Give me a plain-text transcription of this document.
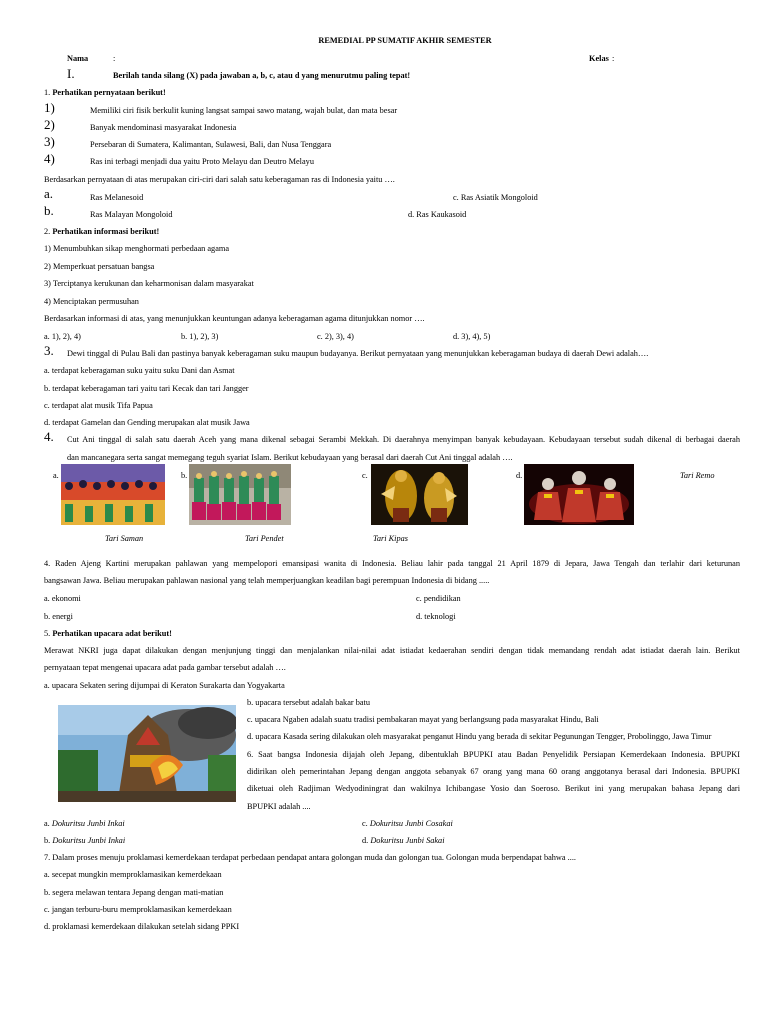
REMEDIAL PP SUMATIF AKHIR SEMESTER
Nama	:	Kelas :
I.	Berilah tanda silang (X) pada jawaban a, b, c, atau d yang menurutmu paling tepat!
1. Perhatikan pernyataan berikut!
1)	Memiliki ciri fisik berkulit kuning langsat sampai sawo matang, wajah bulat, dan mata besar
2)	Banyak mendominasi masyarakat Indonesia
3)	Persebaran di Sumatera, Kalimantan, Sulawesi, Bali, dan Nusa Tenggara
4)	Ras ini terbagi menjadi dua yaitu Proto Melayu dan Deutro Melayu
Berdasarkan pernyataan di atas merupakan ciri-ciri dari salah satu keberagaman ras di Indonesia yaitu ….
a.	Ras Melanesoid	c. Ras Asiatik Mongoloid
b.	Ras Malayan Mongoloid	d. Ras Kaukasoid
2. Perhatikan informasi berikut!
1) Menumbuhkan sikap menghormati perbedaan agama
2) Memperkuat persatuan bangsa
3) Terciptanya kerukunan dan keharmonisan dalam masyarakat
4) Menciptakan permusuhan
Berdasarkan informasi di atas, yang menunjukkan keuntungan adanya keberagaman agama ditunjukkan nomor ….
a. 1), 2), 4)	b. 1), 2), 3)	c. 2), 3), 4)	d. 3), 4), 5)
3. Dewi tinggal di Pulau Bali dan pastinya banyak keberagaman suku maupun budayanya. Berikut pernyataan yang menunjukkan keberagaman budaya di daerah Dewi adalah….
a. terdapat keberagaman suku yaitu suku Dani dan Asmat
b. terdapat keberagaman tari yaitu tari Kecak dan tari Jangger
c. terdapat alat musik Tifa Papua
d. terdapat Gamelan dan Gending merupakan alat musik Jawa
4. Cut Ani tinggal di salah satu daerah Aceh yang mana dikenal sebagai Serambi Mekkah. Di daerahnya menyimpan banyak kebudayaan. Kebudayaan tersebut sudah dikenal di berbagai daerah
dan mancanegara serta sangat memegang teguh syariat Islam. Berikut kebudayaan yang berasal dari daerah Cut Ani tinggal adalah ….
a.	b.	c.	d.	Tari Remo
Tari Saman	Tari Pendet	Tari Kipas
4. Raden Ajeng Kartini merupakan pahlawan yang mempelopori emansipasi wanita di Indonesia. Beliau lahir pada tanggal 21 April 1879 di Jepara, Jawa Tengah dan terlahir dari keturunan
bangsawan Jawa. Beliau merupakan pahlawan nasional yang telah memperjuangkan keadilan bagi perempuan Indonesia di bidang .....
a. ekonomi	c. pendidikan
b. energi	d. teknologi
5. Perhatikan upacara adat berikut!
Merawat NKRI juga dapat dilakukan dengan menjunjung tinggi dan menjalankan nilai-nilai adat istiadat kedaerahan sendiri dengan tidak memandang rendah adat istiadat daerah lain. Berikut
pernyataan tepat mengenai upacara adat pada gambar tersebut adalah ….
a. upacara Sekaten sering dijumpai di Keraton Surakarta dan Yogyakarta
b. upacara tersebut adalah bakar batu
c. upacara Ngaben adalah suatu tradisi pembakaran mayat yang berlangsung pada masyarakat Hindu, Bali
d. upacara Kasada sering dilakukan oleh masyarakat penganut Hindu yang berada di sekitar Pegunungan Tengger, Probolinggo, Jawa Timur
6. Saat bangsa Indonesia dijajah oleh Jepang, dibentuklah BPUPKI atau Badan Penyelidik Persiapan Kemerdekaan Indonesia. BPUPKI
didirikan oleh pemerintahan Jepang dengan anggota sebanyak 67 orang yang mana 60 orang anggotanya berasal dari Indonesia. BPUPKI
diketuai oleh Radjiman Wedyodiningrat dan wakilnya Ichibangase Yosio dan Soeroso. Berikut ini yang merupakan bahasa Jepang dari
BPUPKI adalah ....
a. Dokuritsu Junbi Inkai	c. Dokuritsu Junbi Cosakai
b. Dokuritsu Junbi Inkai	d. Dokuritsu Junbi Sakai
7. Dalam proses menuju proklamasi kemerdekaan terdapat perbedaan pendapat antara golongan muda dan golongan tua. Golongan muda berpendapat bahwa ....
a. secepat mungkin memproklamasikan kemerdekaan
b. segera melawan tentara Jepang dengan mati-matian
c. jangan terburu-buru memproklamasikan kemerdekaan
d. proklamasi kemerdekaan dilakukan setelah sidang PPKI
